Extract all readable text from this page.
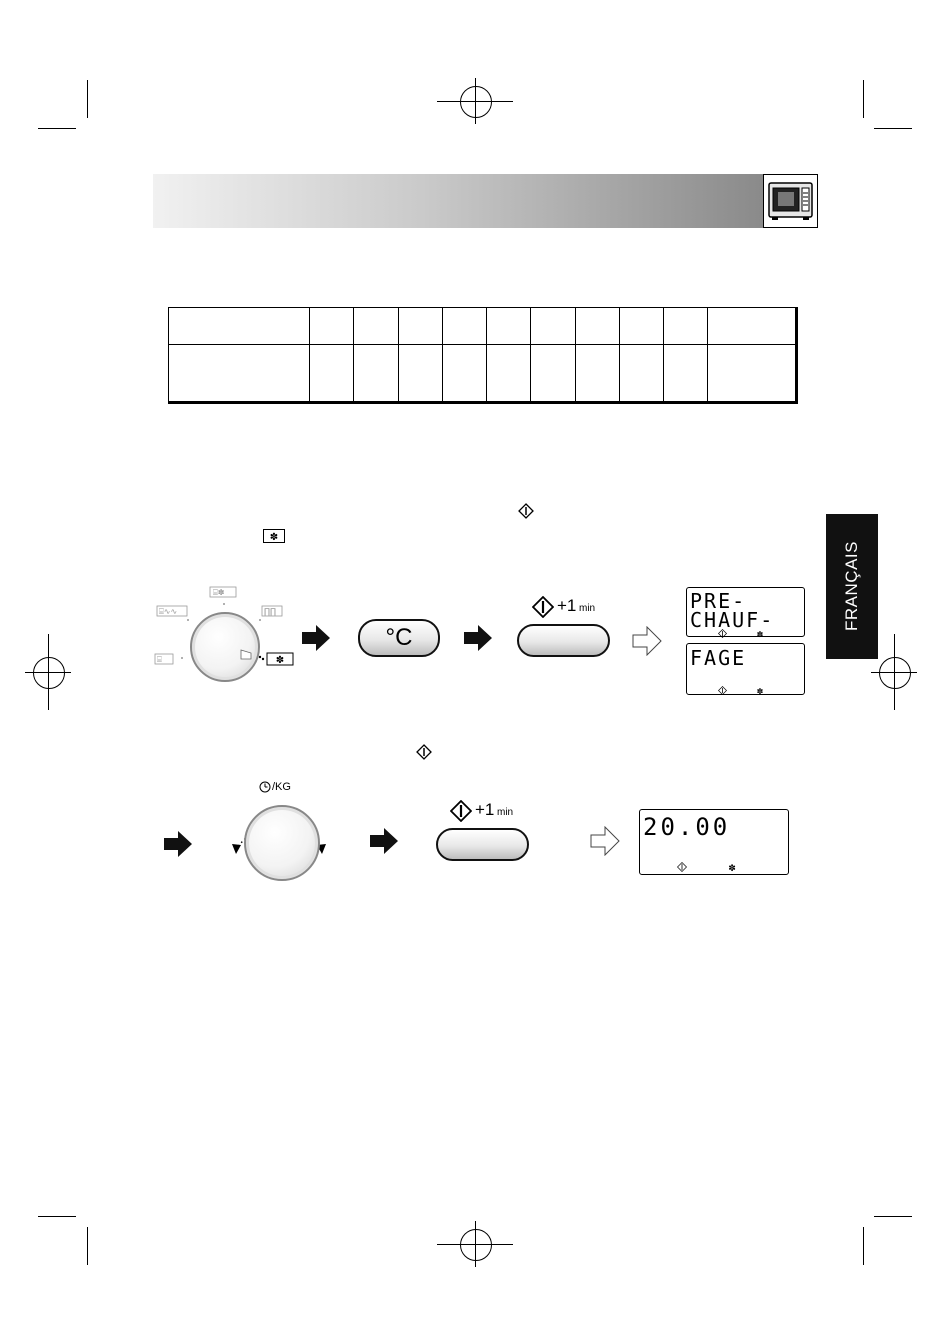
✽
FRANÇAIS
⌸✽
⌸∿∿	∏∏
⌸	✽
°C
+1 min	PRE-
CHAUF-
✽
FAGE
✽
/KG
+1 min
20.00
✽
